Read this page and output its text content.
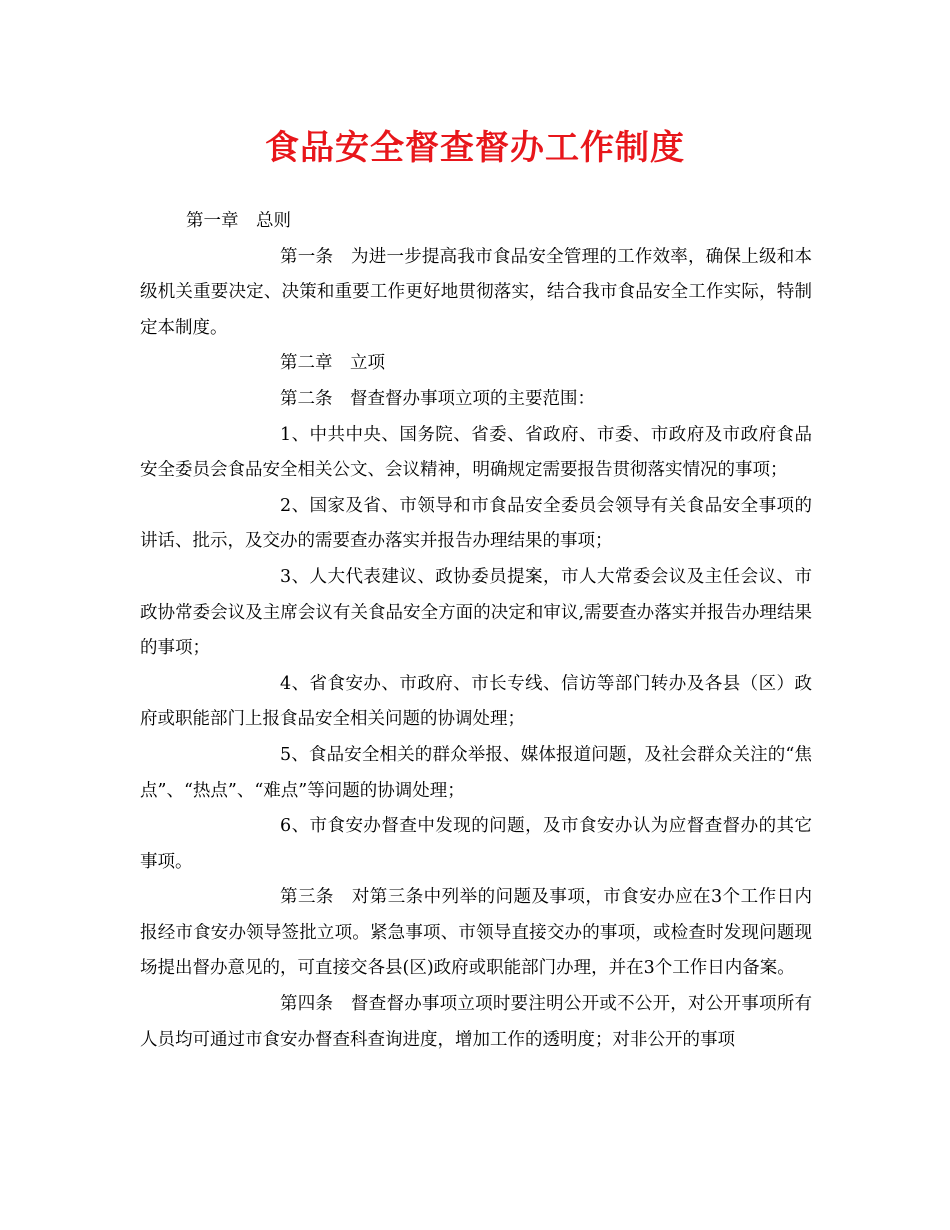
食品安全督查督办工作制度

第一章　总则

第一条　为进一步提高我市食品安全管理的工作效率，确保上级和本级机关重要决定、决策和重要工作更好地贯彻落实，结合我市食品安全工作实际，特制定本制度。

第二章　立项

第二条　督查督办事项立项的主要范围：

1、中共中央、国务院、省委、省政府、市委、市政府及市政府食品安全委员会食品安全相关公文、会议精神，明确规定需要报告贯彻落实情况的事项；

2、国家及省、市领导和市食品安全委员会领导有关食品安全事项的讲话、批示，及交办的需要查办落实并报告办理结果的事项；

3、人大代表建议、政协委员提案，市人大常委会议及主任会议、市政协常委会议及主席会议有关食品安全方面的决定和审议,需要查办落实并报告办理结果的事项；

4、省食安办、市政府、市长专线、信访等部门转办及各县（区）政府或职能部门上报食品安全相关问题的协调处理；

5、食品安全相关的群众举报、媒体报道问题，及社会群众关注的“焦点”、“热点”、“难点”等问题的协调处理；

6、市食安办督查中发现的问题，及市食安办认为应督查督办的其它事项。

第三条　对第三条中列举的问题及事项，市食安办应在3个工作日内报经市食安办领导签批立项。紧急事项、市领导直接交办的事项，或检查时发现问题现场提出督办意见的，可直接交各县(区)政府或职能部门办理，并在3个工作日内备案。

第四条　督查督办事项立项时要注明公开或不公开，对公开事项所有人员均可通过市食安办督查科查询进度，增加工作的透明度；对非公开的事项
